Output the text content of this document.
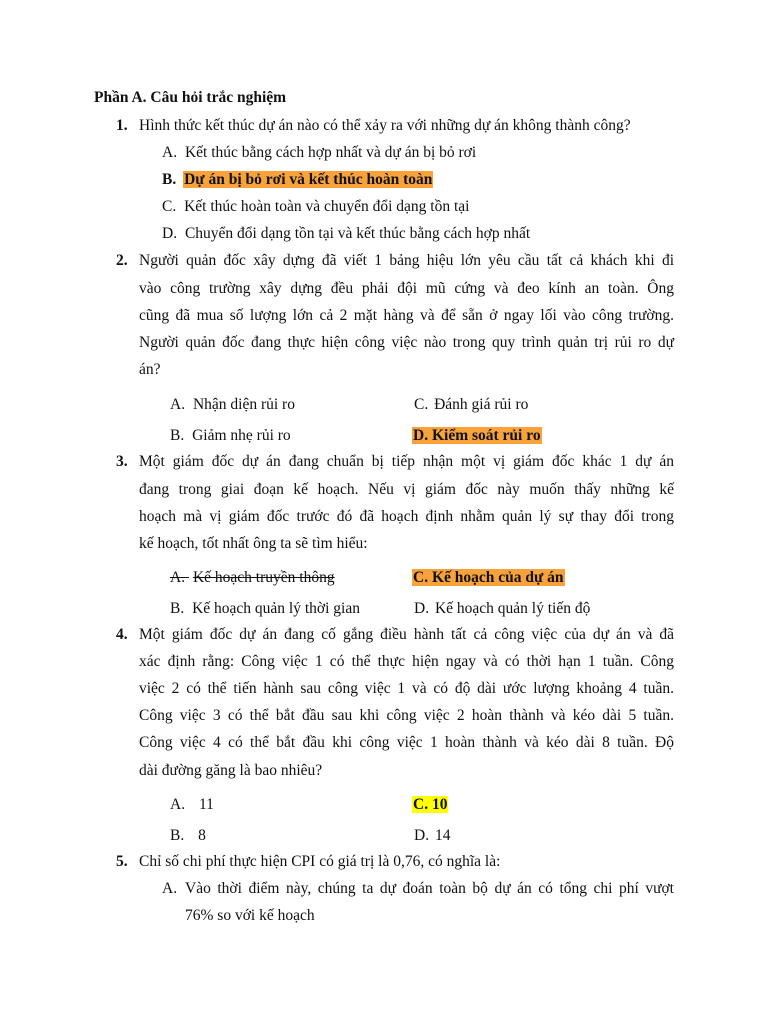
Phần A. Câu hỏi trắc nghiệm
1. Hình thức kết thúc dự án nào có thể xảy ra với những dự án không thành công?
A. Kết thúc bằng cách hợp nhất và dự án bị bỏ rơi
B. Dự án bị bỏ rơi và kết thúc hoàn toàn
C. Kết thúc hoàn toàn và chuyển đổi dạng tồn tại
D. Chuyển đổi dạng tồn tại và kết thúc bằng cách hợp nhất
2. Người quản đốc xây dựng đã viết 1 bảng hiệu lớn yêu cầu tất cả khách khi đi
vào công trường xây dựng đều phải đội mũ cứng và đeo kính an toàn. Ông
cũng đã mua số lượng lớn cả 2 mặt hàng và để sẵn ở ngay lối vào công trường.
Người quản đốc đang thực hiện công việc nào trong quy trình quản trị rủi ro dự
án?
A. Nhận diện rủi ro	C. Đánh giá rủi ro
B. Giảm nhẹ rủi ro	D. Kiểm soát rủi ro
3. Một giám đốc dự án đang chuẩn bị tiếp nhận một vị giám đốc khác 1 dự án
đang trong giai đoạn kế hoạch. Nếu vị giám đốc này muốn thấy những kế
hoạch mà vị giám đốc trước đó đã hoạch định nhằm quản lý sự thay đổi trong
kế hoạch, tốt nhất ông ta sẽ tìm hiểu:
A. Kế hoạch truyền thông	C. Kế hoạch của dự án
B. Kế hoạch quản lý thời gian	D. Kế hoạch quản lý tiến độ
4. Một giám đốc dự án đang cố gắng điều hành tất cả công việc của dự án và đã
xác định rằng: Công việc 1 có thể thực hiện ngay và có thời hạn 1 tuần. Công
việc 2 có thể tiến hành sau công việc 1 và có độ dài ước lượng khoảng 4 tuần.
Công việc 3 có thể bắt đầu sau khi công việc 2 hoàn thành và kéo dài 5 tuần.
Công việc 4 có thể bắt đầu khi công việc 1 hoàn thành và kéo dài 8 tuần. Độ
dài đường găng là bao nhiêu?
A. 11	C. 10
B. 8	D. 14
5. Chỉ số chi phí thực hiện CPI có giá trị là 0,76, có nghĩa là:
A. Vào thời điểm này, chúng ta dự đoán toàn bộ dự án có tổng chi phí vượt
76% so với kế hoạch
